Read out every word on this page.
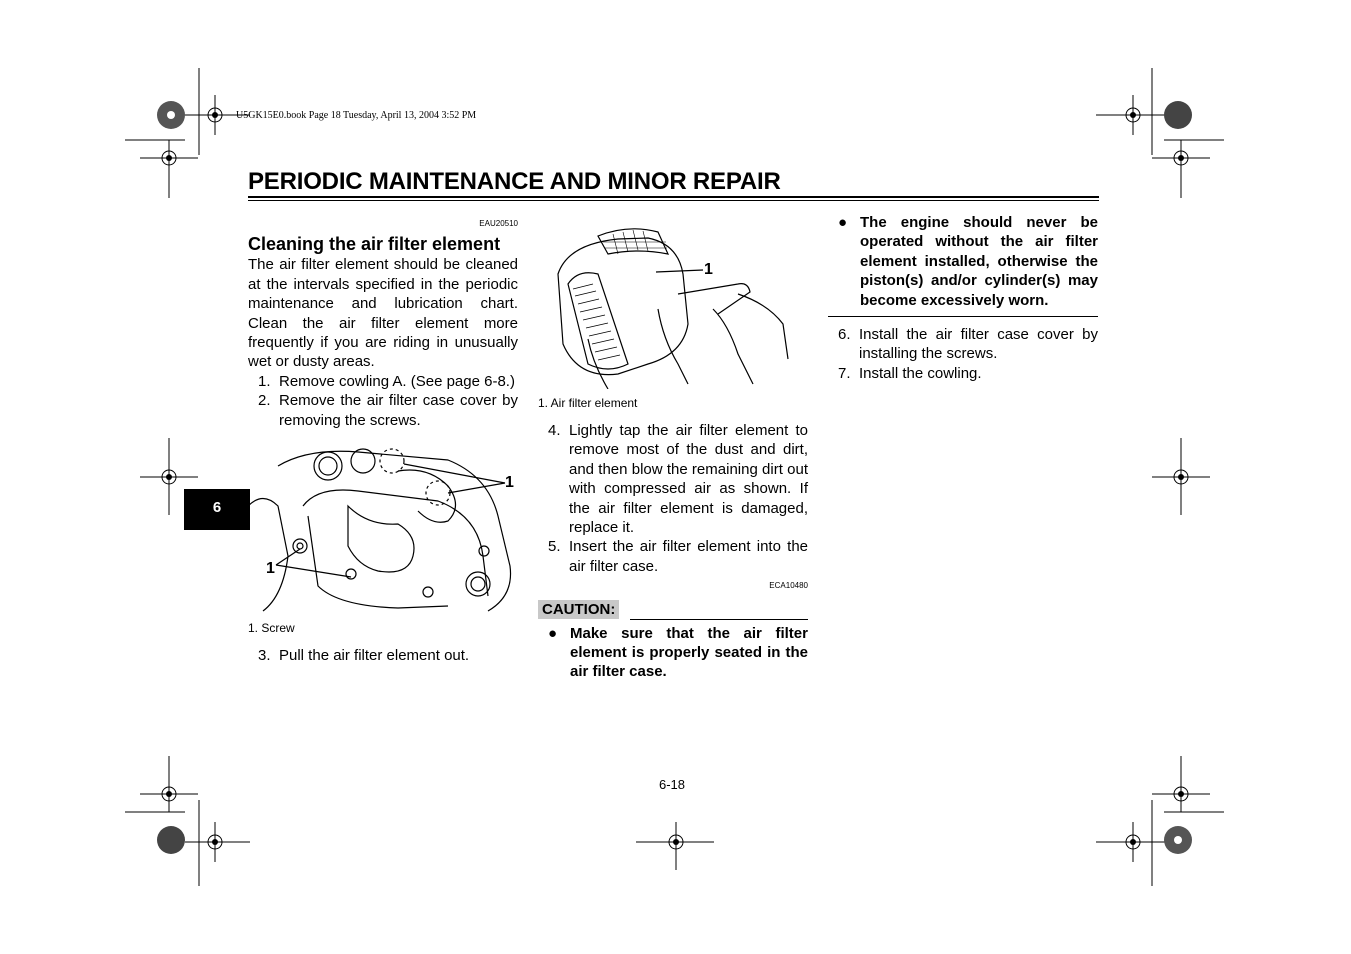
U5GK15E0.book Page 18 Tuesday, April 13, 2004 3:52 PM
PERIODIC MAINTENANCE AND MINOR REPAIR
6
EAU20510
Cleaning the air filter element
The air filter element should be cleaned at the intervals specified in the periodic maintenance and lubrication chart. Clean the air filter element more frequently if you are riding in unusually wet or dusty areas.
1. Remove cowling A. (See page 6-8.)
2. Remove the air filter case cover by removing the screws.
1
1
1. Screw
3. Pull the air filter element out.
1
1. Air filter element
4. Lightly tap the air filter element to remove most of the dust and dirt, and then blow the remaining dirt out with compressed air as shown. If the air filter element is damaged, replace it.
5. Insert the air filter element into the air filter case.
ECA10480
CAUTION:
● Make sure that the air filter element is properly seated in the air filter case.
● The engine should never be operated without the air filter element installed, otherwise the piston(s) and/or cylinder(s) may become excessively worn.
6. Install the air filter case cover by installing the screws.
7. Install the cowling.
6-18
